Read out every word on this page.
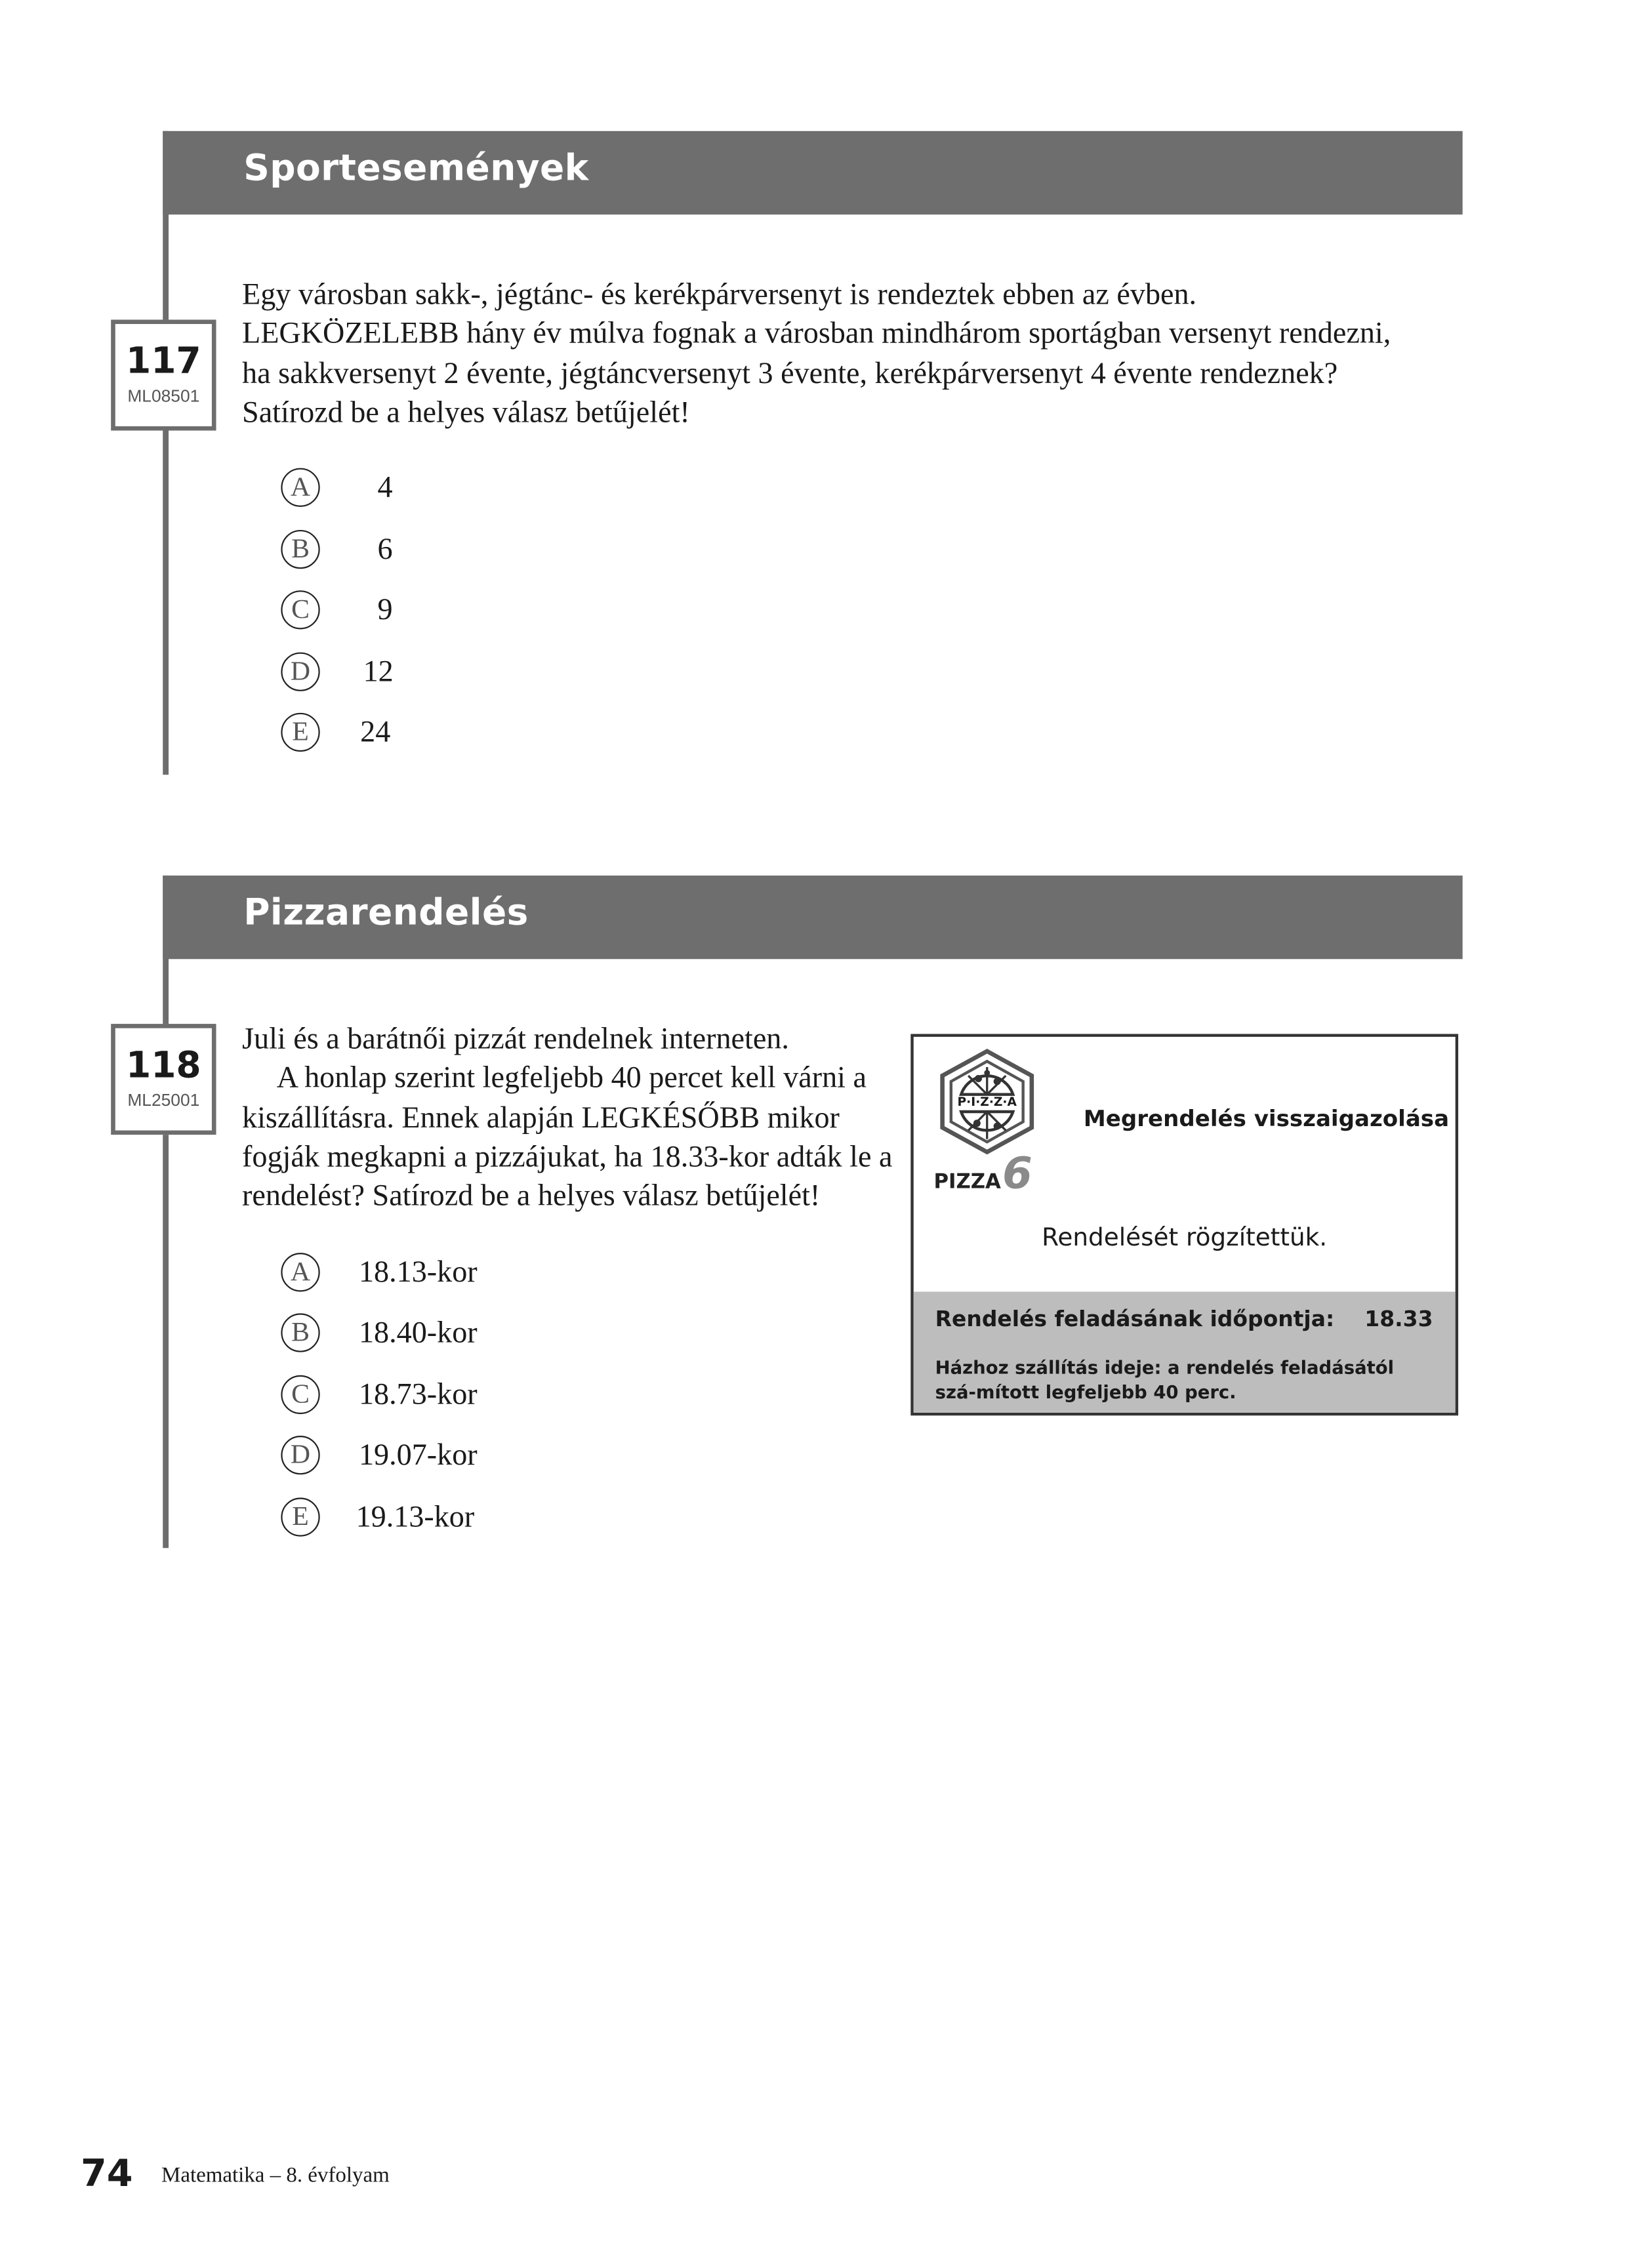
Sportesemények
117
ML08501

Egy városban sakk-, jégtánc- és kerékpárversenyt is rendeztek ebben az évben. LEGKÖZELEBB hány év múlva fognak a városban mindhárom sportágban versenyt rendezni, ha sakkversenyt 2 évente, jégtáncversenyt 3 évente, kerékpárversenyt 4 évente rendeznek? Satírozd be a helyes válasz betűjelét!

A	4
B	6
C	9
D	12
E	24
Pizzarendelés
118
ML25001

Juli és a barátnői pizzát rendelnek interneten.

A honlap szerint legfeljebb 40 percet kell várni a kiszállításra. Ennek alapján LEGKÉSŐBB mikor fogják megkapni a pizzájukat, ha 18.33-kor adták le a rendelést? Satírozd be a helyes válasz betűjelét!

A	18.13-kor
B	18.40-kor
C	18.73-kor
D	19.07-kor
E	19.13-kor
P·I·Z·Z·A
PIZZA6
Megrendelés visszaigazolása
Rendelését rögzítettük.
Rendelés feladásának időpontja:	18.33
Házhoz szállítás ideje: a rendelés feladásától szá-mított legfeljebb 40 perc.
74	Matematika – 8. évfolyam
